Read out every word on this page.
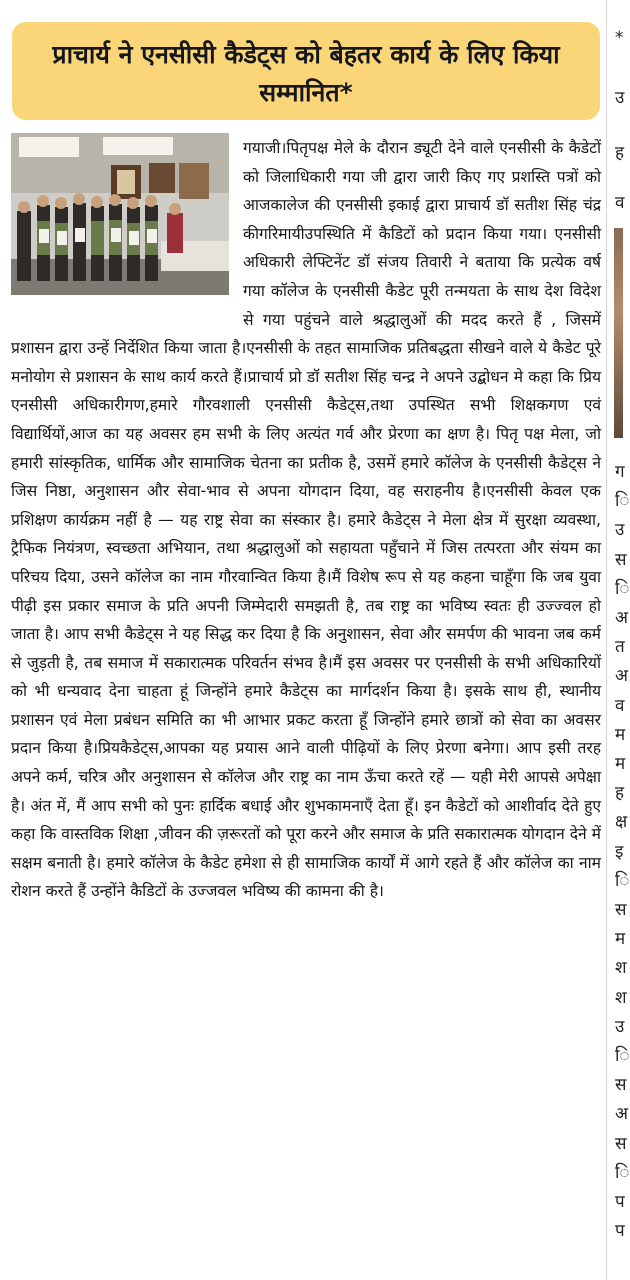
प्राचार्य ने एनसीसी कैडेट्स को बेहतर कार्य के लिए किया सम्मानित*

गयाजी।पितृपक्ष मेले के दौरान ड्यूटी देने वाले एनसीसी के कैडेटों को जिलाधिकारी गया जी द्वारा जारी किए गए प्रशस्ति पत्रों को आजकालेज की एनसीसी इकाई द्वारा प्राचार्य डॉ सतीश सिंह चंद्र कीगरिमायीउपस्थिति में कैडिटों को प्रदान किया गया। एनसीसी अधिकारी लेफ्टिनेंट डॉ संजय तिवारी ने बताया कि प्रत्येक वर्ष गया कॉलेज के एनसीसी कैडेट पूरी तन्मयता के साथ देश विदेश से गया पहुंचने वाले श्रद्धालुओं की मदद करते हैं , जिसमें प्रशासन द्वारा उन्हें निर्देशित किया जाता है।एनसीसी के तहत सामाजिक प्रतिबद्धता सीखने वाले ये कैडेट पूरे मनोयोग से प्रशासन के साथ कार्य करते हैं।प्राचार्य प्रो डॉ सतीश सिंह चन्द्र ने अपने उद्बोधन मे कहा कि प्रिय एनसीसी अधिकारीगण,हमारे गौरवशाली एनसीसी कैडेट्स,तथा उपस्थित सभी शिक्षकगण एवं विद्यार्थियों,आज का यह अवसर हम सभी के लिए अत्यंत गर्व और प्रेरणा का क्षण है। पितृ पक्ष मेला, जो हमारी सांस्कृतिक, धार्मिक और सामाजिक चेतना का प्रतीक है, उसमें हमारे कॉलेज के एनसीसी कैडेट्स ने जिस निष्ठा, अनुशासन और सेवा-भाव से अपना योगदान दिया, वह सराहनीय है।एनसीसी केवल एक प्रशिक्षण कार्यक्रम नहीं है — यह राष्ट्र सेवा का संस्कार है। हमारे कैडेट्स ने मेला क्षेत्र में सुरक्षा व्यवस्था, ट्रैफिक नियंत्रण, स्वच्छता अभियान, तथा श्रद्धालुओं को सहायता पहुँचाने में जिस तत्परता और संयम का परिचय दिया, उसने कॉलेज का नाम गौरवान्वित किया है।मैं विशेष रूप से यह कहना चाहूँगा कि जब युवा पीढ़ी इस प्रकार समाज के प्रति अपनी जिम्मेदारी समझती है, तब राष्ट्र का भविष्य स्वतः ही उज्ज्वल हो जाता है। आप सभी कैडेट्स ने यह सिद्ध कर दिया है कि अनुशासन, सेवा और समर्पण की भावना जब कर्म से जुड़ती है, तब समाज में सकारात्मक परिवर्तन संभव है।मैं इस अवसर पर एनसीसी के सभी अधिकारियों को भी धन्यवाद देना चाहता हूं जिन्होंने हमारे कैडेट्स का मार्गदर्शन किया है। इसके साथ ही, स्थानीय प्रशासन एवं मेला प्रबंधन समिति का भी आभार प्रकट करता हूँ जिन्होंने हमारे छात्रों को सेवा का अवसर प्रदान किया है।प्रियकैडेट्स,आपका यह प्रयास आने वाली पीढ़ियों के लिए प्रेरणा बनेगा। आप इसी तरह अपने कर्म, चरित्र और अनुशासन से कॉलेज और राष्ट्र का नाम ऊँचा करते रहें — यही मेरी आपसे अपेक्षा है। अंत में, मैं आप सभी को पुनः हार्दिक बधाई और शुभकामनाएँ देता हूँ। इन कैडेटों को आशीर्वाद देते हुए कहा कि वास्तविक शिक्षा ,जीवन की ज़रूरतों को पूरा करने और समाज के प्रति सकारात्मक योगदान देने में सक्षम बनाती है। हमारे कॉलेज के कैडेट हमेशा से ही सामाजिक कार्यों में आगे रहते हैं और कॉलेज का नाम रोशन करते हैं उन्होंने कैडिटों के उज्जवल भविष्य की कामना की है।

*
उ
ह
व
ग
ि
उ
स
ि
अ
त
अ
व
म
म
ह
क्ष
इ
ि
स
म
श
श
उ
ि
स
अ
स
ि
प
प
